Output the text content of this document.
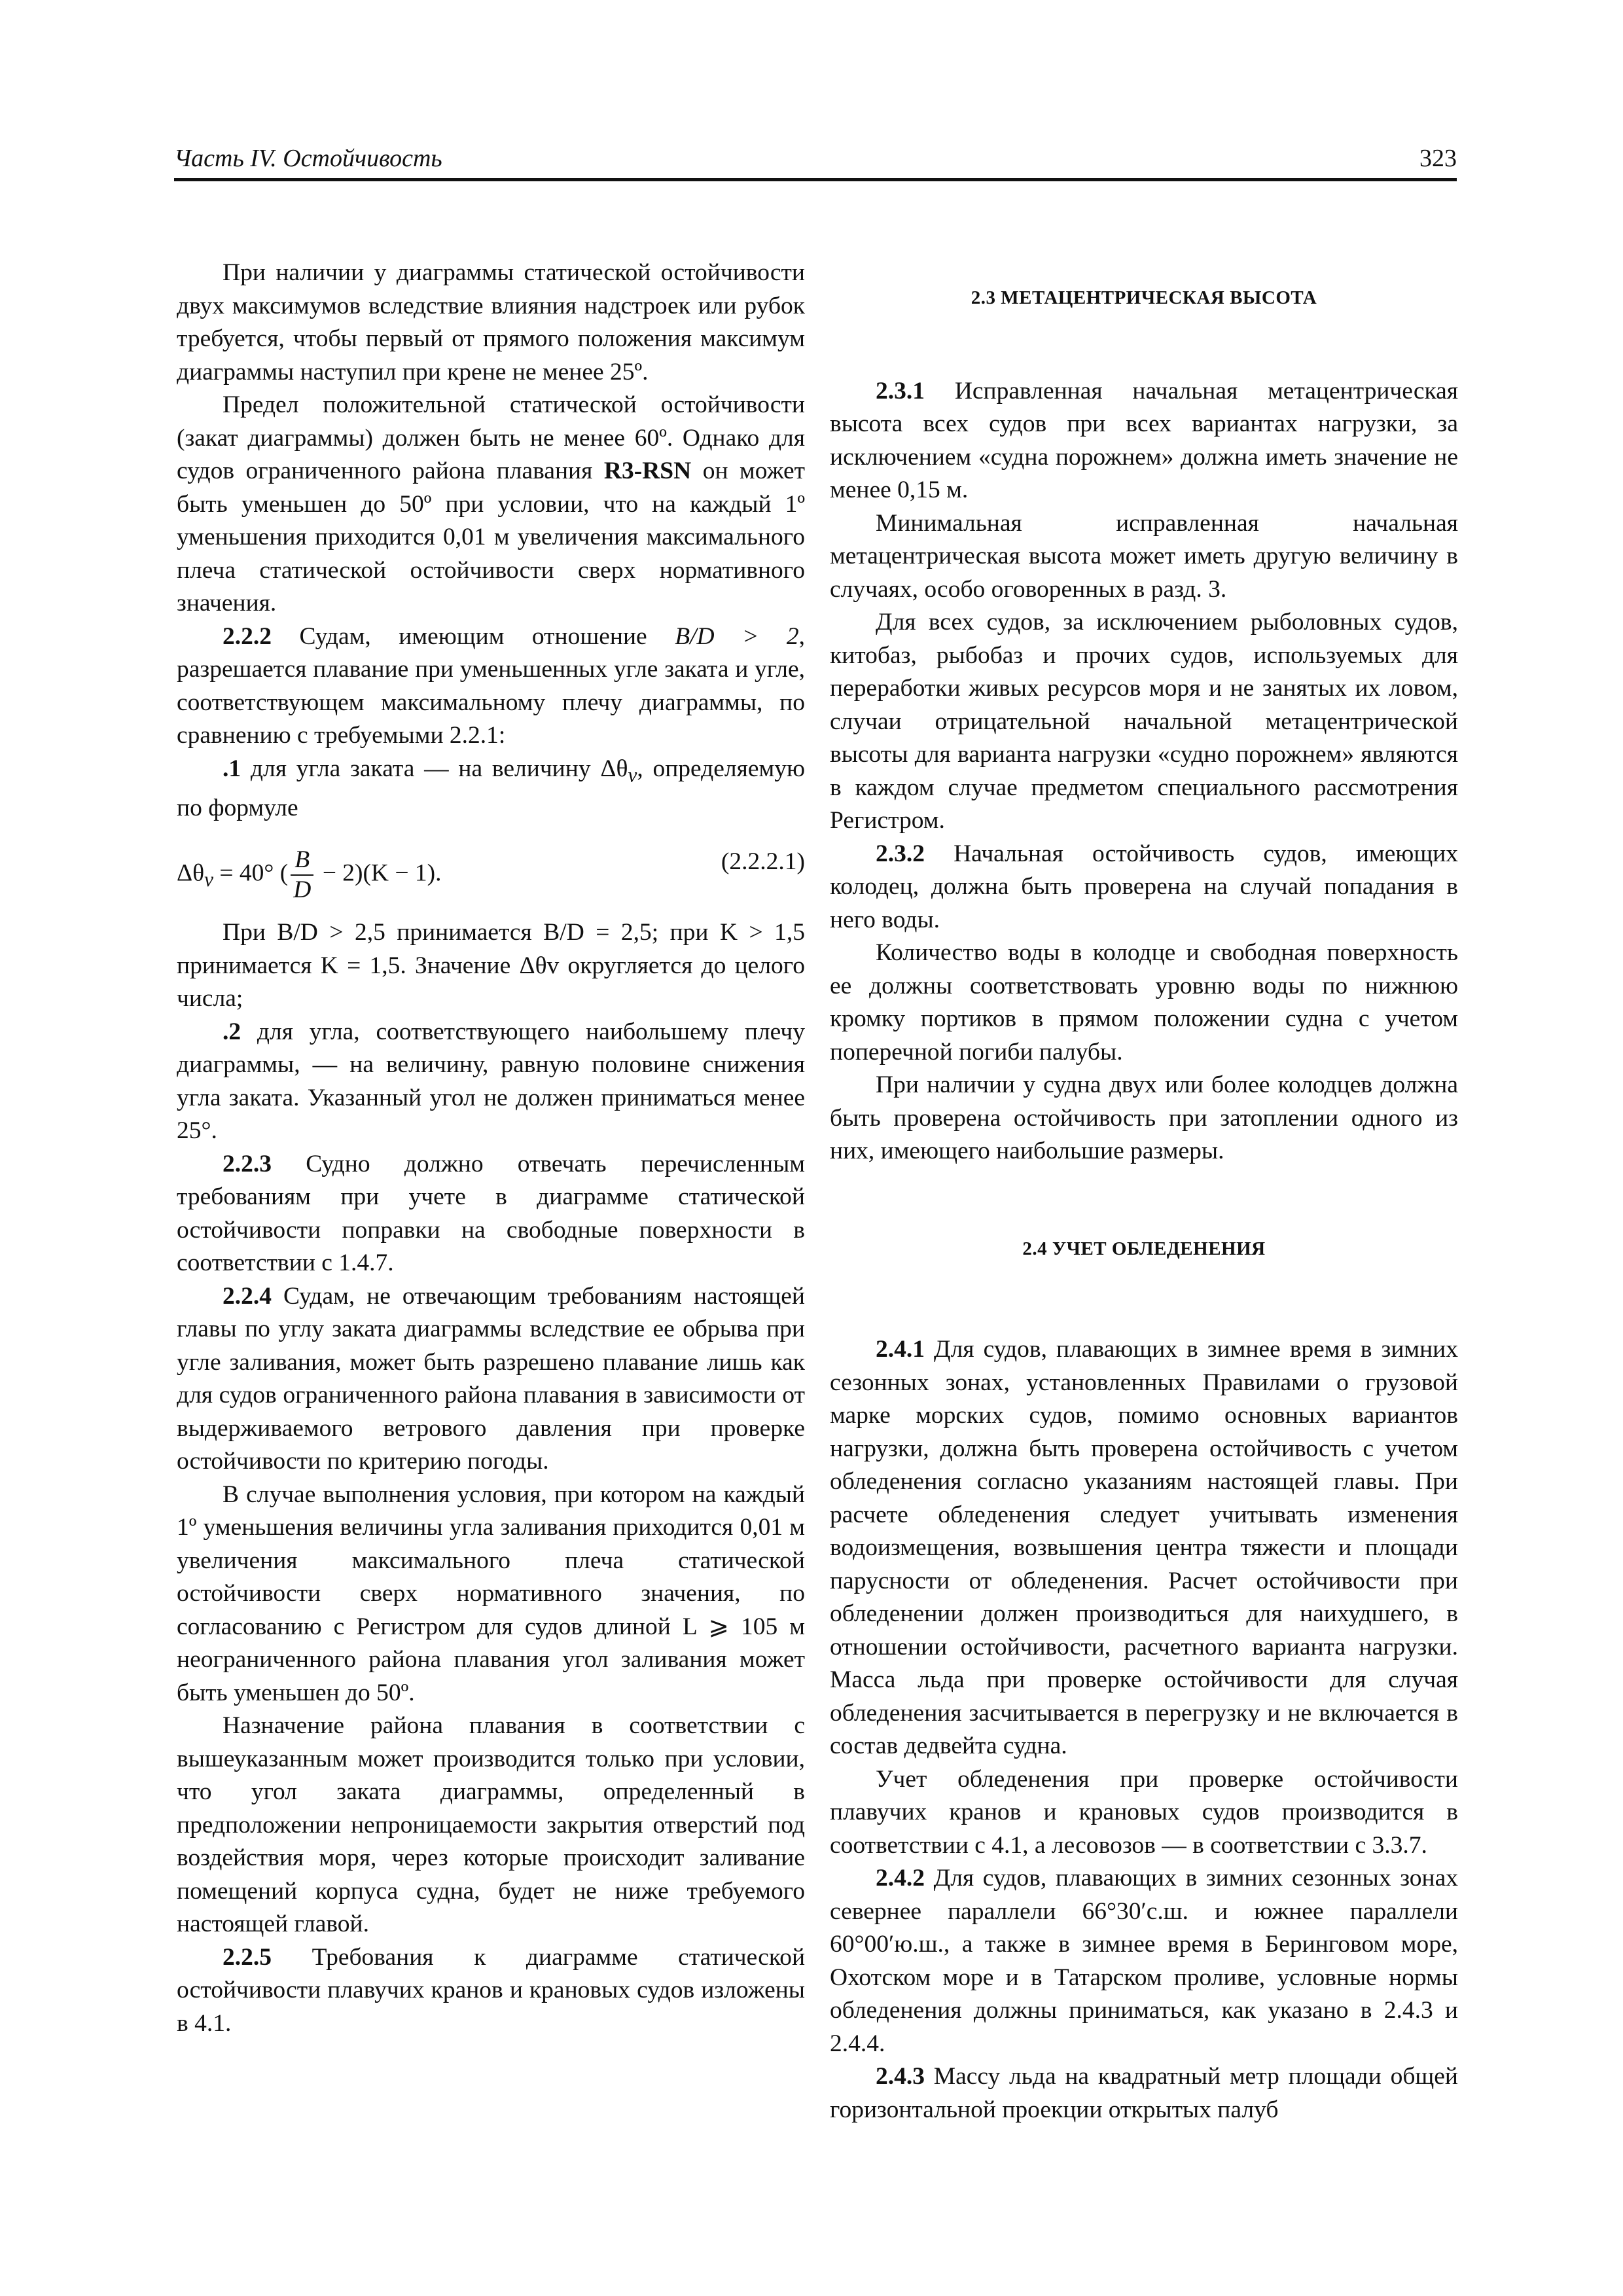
Часть IV. Остойчивость	323

При наличии у диаграммы статической остойчивости двух максимумов вследствие влияния надстроек или рубок требуется, чтобы первый от прямого положения максимум диаграммы наступил при крене не менее 25º.

Предел положительной статической остойчивости (закат диаграммы) должен быть не менее 60º. Однако для судов ограниченного района плавания R3-RSN он может быть уменьшен до 50º при условии, что на каждый 1º уменьшения приходится 0,01 м увеличения максимального плеча статической остойчивости сверх нормативного значения.

2.2.2 Судам, имеющим отношение B/D > 2, разрешается плавание при уменьшенных угле заката и угле, соответствующем максимальному плечу диаграммы, по сравнению с требуемыми 2.2.1:

.1 для угла заката — на величину $\Delta\theta_v$, определяемую по формуле

$\Delta\theta_v = 40^\circ$ ( $\frac{B}{D} - 2)(K - 1)$.	(2.2.2.1)

При B/D > 2,5 принимается B/D = 2,5; при K > 1,5 принимается K = 1,5. Значение Δθv округляется до целого числа;

.2 для угла, соответствующего наибольшему плечу диаграммы, — на величину, равную половине снижения угла заката. Указанный угол не должен приниматься менее 25°.

2.2.3 Судно должно отвечать перечисленным требованиям при учете в диаграмме статической остойчивости поправки на свободные поверхности в соответствии с 1.4.7.

2.2.4 Судам, не отвечающим требованиям настоящей главы по углу заката диаграммы вследствие ее обрыва при угле заливания, может быть разрешено плавание лишь как для судов ограниченного района плавания в зависимости от выдерживаемого ветрового давления при проверке остойчивости по критерию погоды.

В случае выполнения условия, при котором на каждый 1º уменьшения величины угла заливания приходится 0,01 м увеличения максимального плеча статической остойчивости сверх нормативного значения, по согласованию с Регистром для судов длиной L ⩾ 105 м неограниченного района плавания угол заливания может быть уменьшен до 50º.

Назначение района плавания в соответствии с вышеуказанным может производится только при условии, что угол заката диаграммы, определенный в предположении непроницаемости закрытия отверстий под воздействия моря, через которые происходит заливание помещений корпуса судна, будет не ниже требуемого настоящей главой.

2.2.5 Требования к диаграмме статической остойчивости плавучих кранов и крановых судов изложены в 4.1.

2.3 МЕТАЦЕНТРИЧЕСКАЯ ВЫСОТА

2.3.1 Исправленная начальная метацентрическая высота всех судов при всех вариантах нагрузки, за исключением «судна порожнем» должна иметь значение не менее 0,15 м.

Минимальная исправленная начальная метацентрическая высота может иметь другую величину в случаях, особо оговоренных в разд. 3.

Для всех судов, за исключением рыболовных судов, китобаз, рыбобаз и прочих судов, используемых для переработки живых ресурсов моря и не занятых их ловом, случаи отрицательной начальной метацентрической высоты для варианта нагрузки «судно порожнем» являются в каждом случае предметом специального рассмотрения Регистром.

2.3.2 Начальная остойчивость судов, имеющих колодец, должна быть проверена на случай попадания в него воды.

Количество воды в колодце и свободная поверхность ее должны соответствовать уровню воды по нижнюю кромку портиков в прямом положении судна с учетом поперечной погиби палубы.

При наличии у судна двух или более колодцев должна быть проверена остойчивость при затоплении одного из них, имеющего наибольшие размеры.

2.4 УЧЕТ ОБЛЕДЕНЕНИЯ

2.4.1 Для судов, плавающих в зимнее время в зимних сезонных зонах, установленных Правилами о грузовой марке морских судов, помимо основных вариантов нагрузки, должна быть проверена остойчивость с учетом обледенения согласно указаниям настоящей главы. При расчете обледенения следует учитывать изменения водоизмещения, возвышения центра тяжести и площади парусности от обледенения. Расчет остойчивости при обледенении должен производиться для наихудшего, в отношении остойчивости, расчетного варианта нагрузки. Масса льда при проверке остойчивости для случая обледенения засчитывается в перегрузку и не включается в состав дедвейта судна.

Учет обледенения при проверке остойчивости плавучих кранов и крановых судов производится в соответствии с 4.1, а лесовозов — в соответствии с 3.3.7.

2.4.2 Для судов, плавающих в зимних сезонных зонах севернее параллели 66°30′с.ш. и южнее параллели 60°00′ю.ш., а также в зимнее время в Беринговом море, Охотском море и в Татарском проливе, условные нормы обледенения должны приниматься, как указано в 2.4.3 и 2.4.4.

2.4.3 Массу льда на квадратный метр площади общей горизонтальной проекции открытых палуб
